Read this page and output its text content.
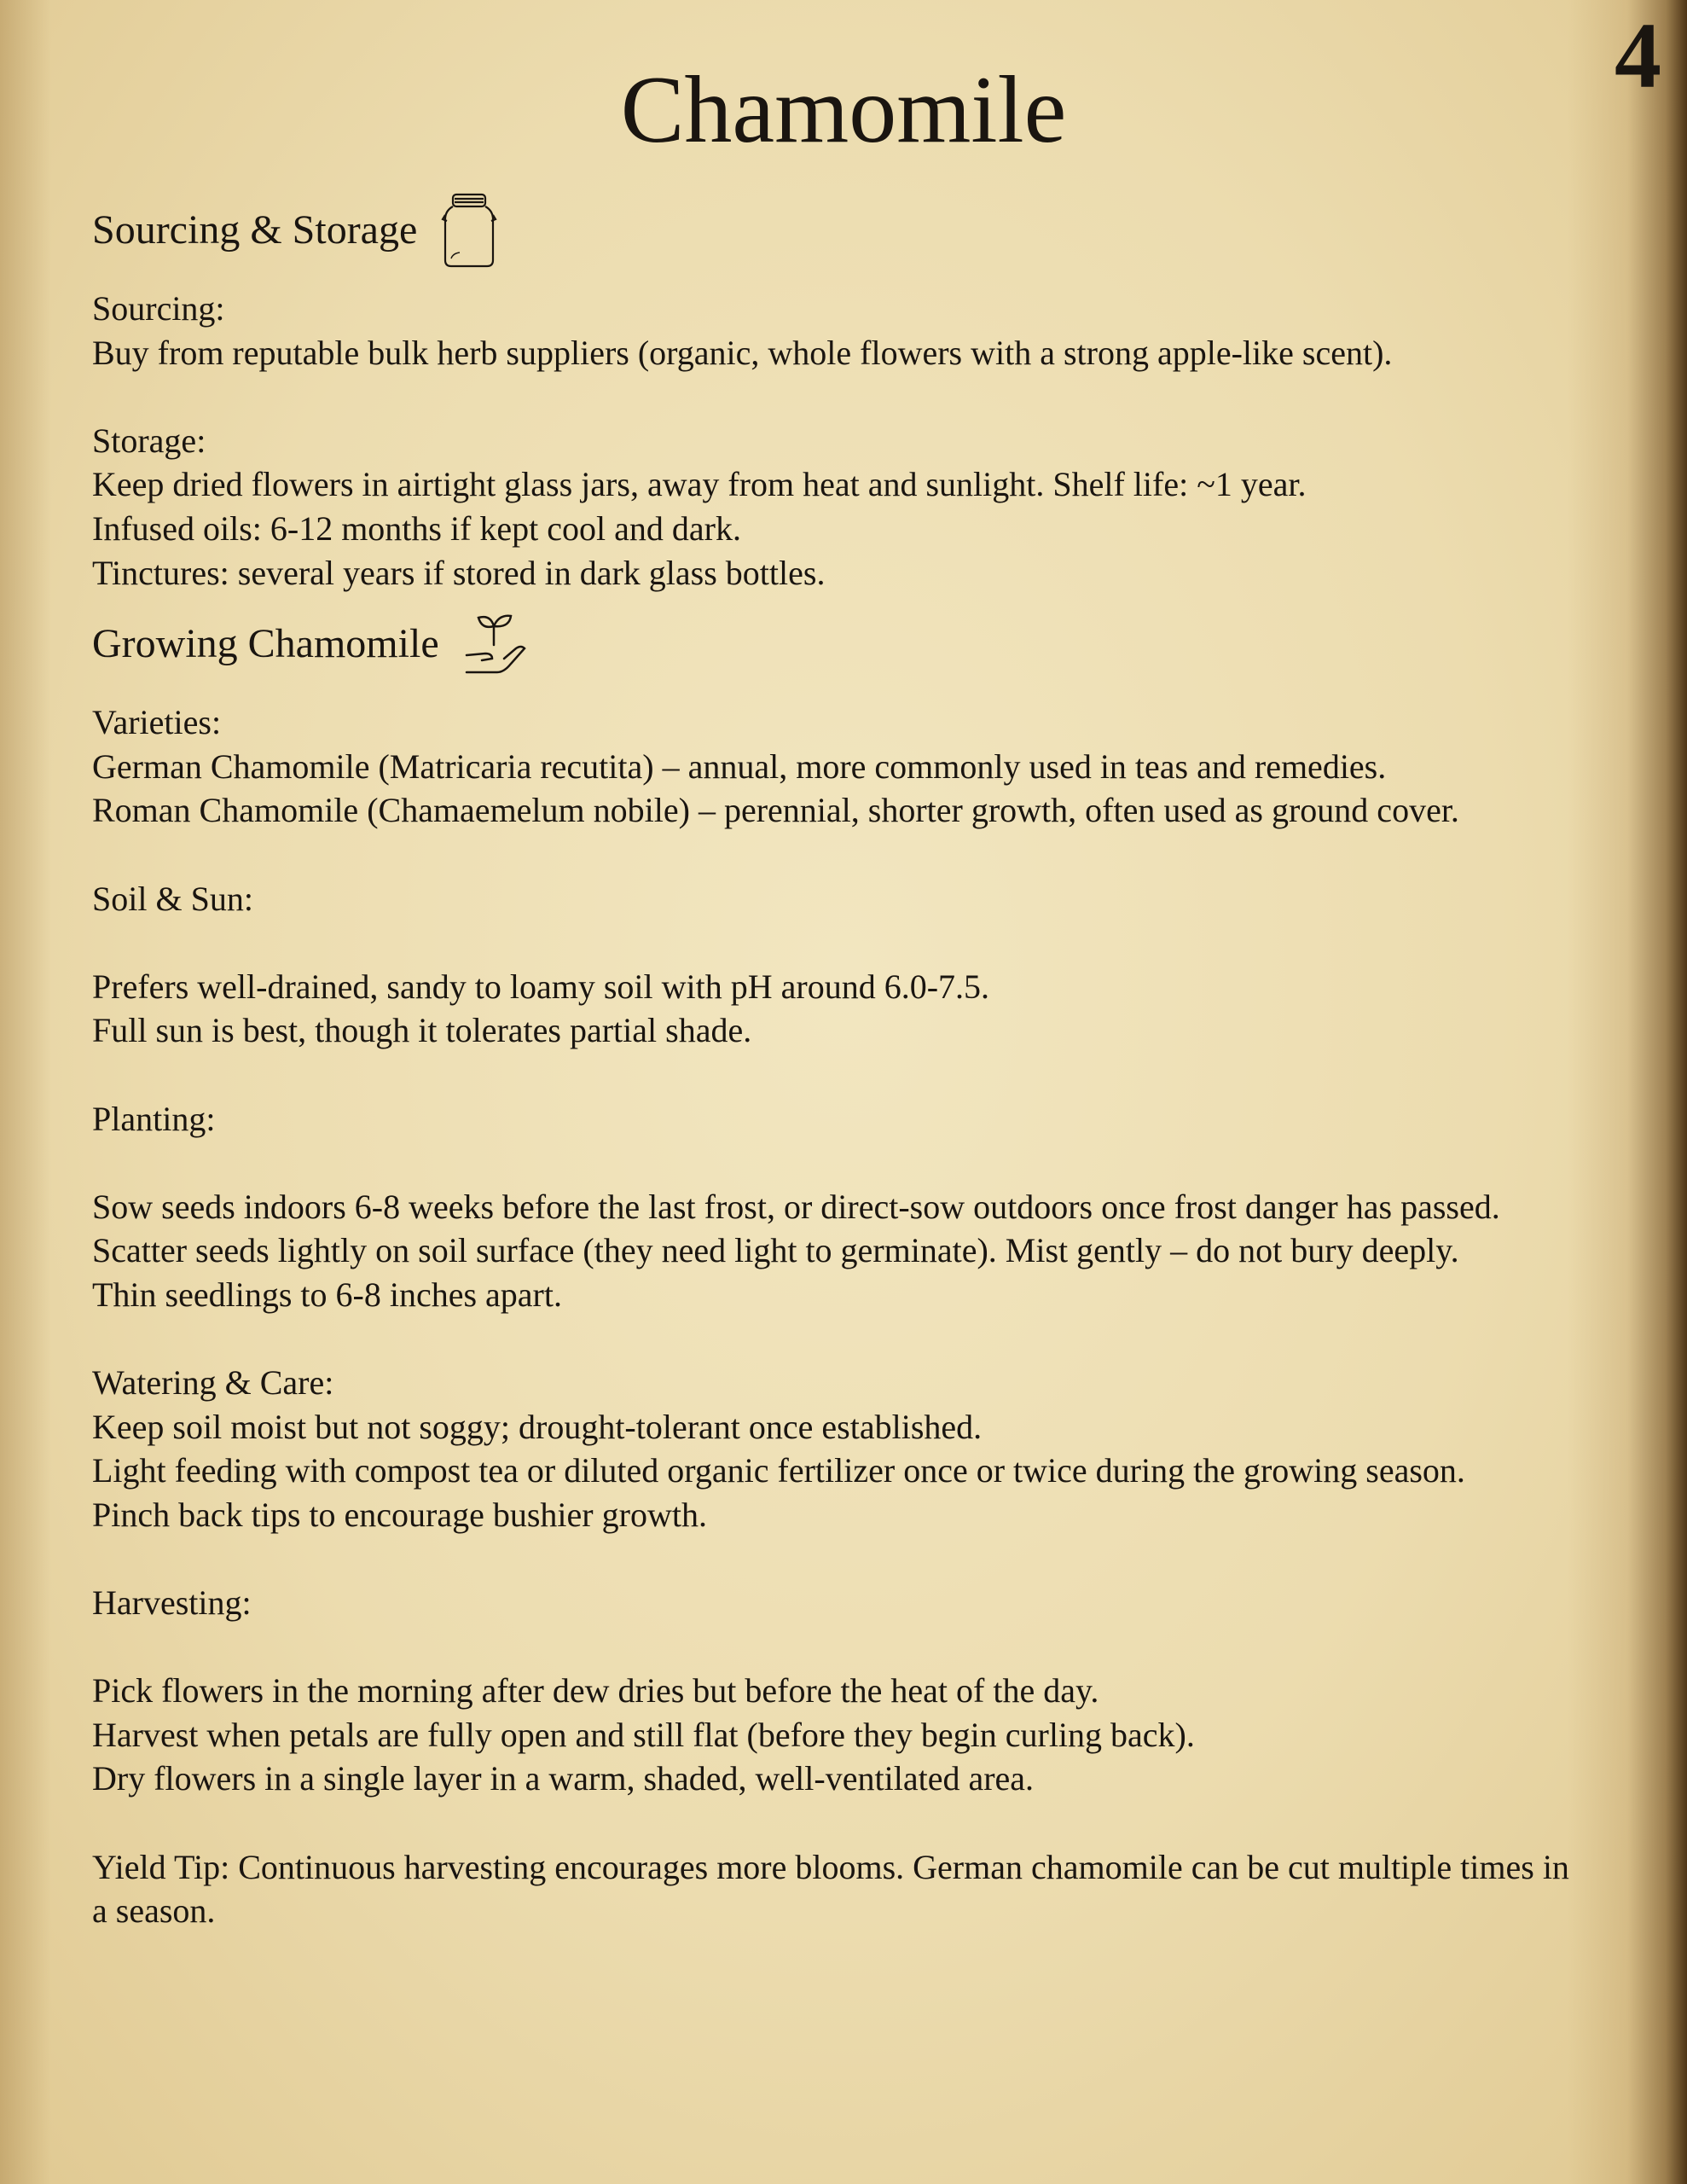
4
Chamomile
Sourcing & Storage
Sourcing:
Buy from reputable bulk herb suppliers (organic, whole flowers with a strong apple-like scent).
Storage:
Keep dried flowers in airtight glass jars, away from heat and sunlight. Shelf life: ~1 year.
Infused oils: 6-12 months if kept cool and dark.
Tinctures: several years if stored in dark glass bottles.
Growing Chamomile
Varieties:
German Chamomile (Matricaria recutita) – annual, more commonly used in teas and remedies.
Roman Chamomile (Chamaemelum nobile) – perennial, shorter growth, often used as ground cover.
Soil & Sun:
Prefers well-drained, sandy to loamy soil with pH around 6.0-7.5.
Full sun is best, though it tolerates partial shade.
Planting:
Sow seeds indoors 6-8 weeks before the last frost, or direct-sow outdoors once frost danger has passed.
Scatter seeds lightly on soil surface (they need light to germinate). Mist gently – do not bury deeply.
Thin seedlings to 6-8 inches apart.
Watering & Care:
Keep soil moist but not soggy; drought-tolerant once established.
Light feeding with compost tea or diluted organic fertilizer once or twice during the growing season.
Pinch back tips to encourage bushier growth.
Harvesting:
Pick flowers in the morning after dew dries but before the heat of the day.
Harvest when petals are fully open and still flat (before they begin curling back).
Dry flowers in a single layer in a warm, shaded, well-ventilated area.
Yield Tip: Continuous harvesting encourages more blooms. German chamomile can be cut multiple times in a season.
